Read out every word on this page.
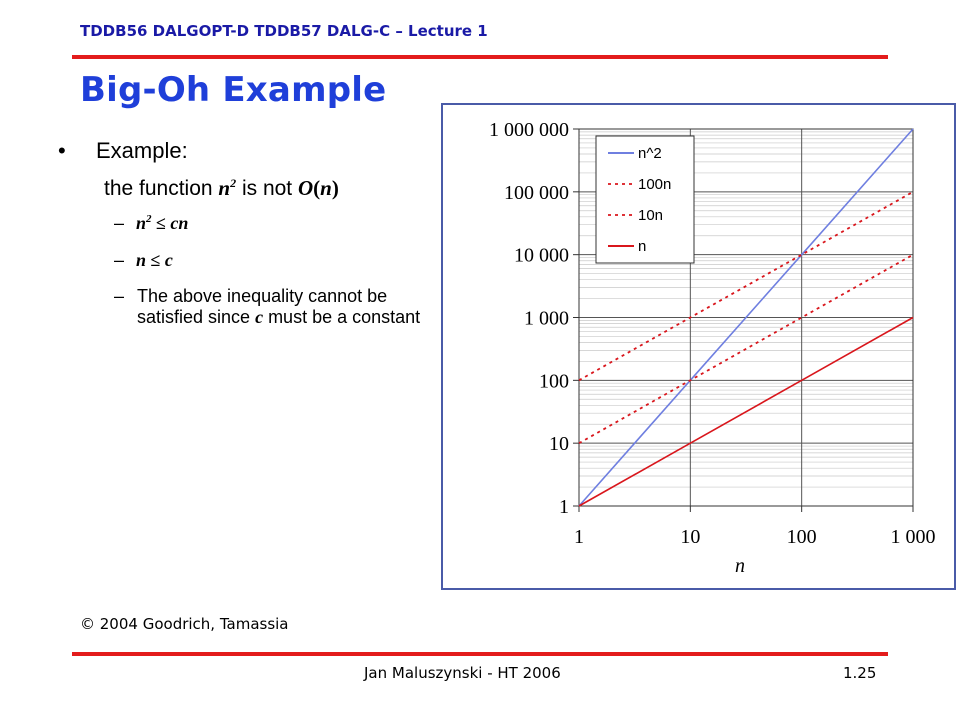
TDDB56 DALGOPT-D TDDB57 DALG-C – Lecture 1
Big-Oh Example
• Example:
the function $n^2$ is not O(n)
– $n^2$ ≤ cn
– n ≤ c
– The above inequality cannot be satisfied since c must be a constant
1
10
100
1 000
10 000
100 000
1 000 000
1	10	100	1 000
n
n^2
100n
10n
n
© 2004 Goodrich, Tamassia
Jan Maluszynski - HT 2006	1.25
